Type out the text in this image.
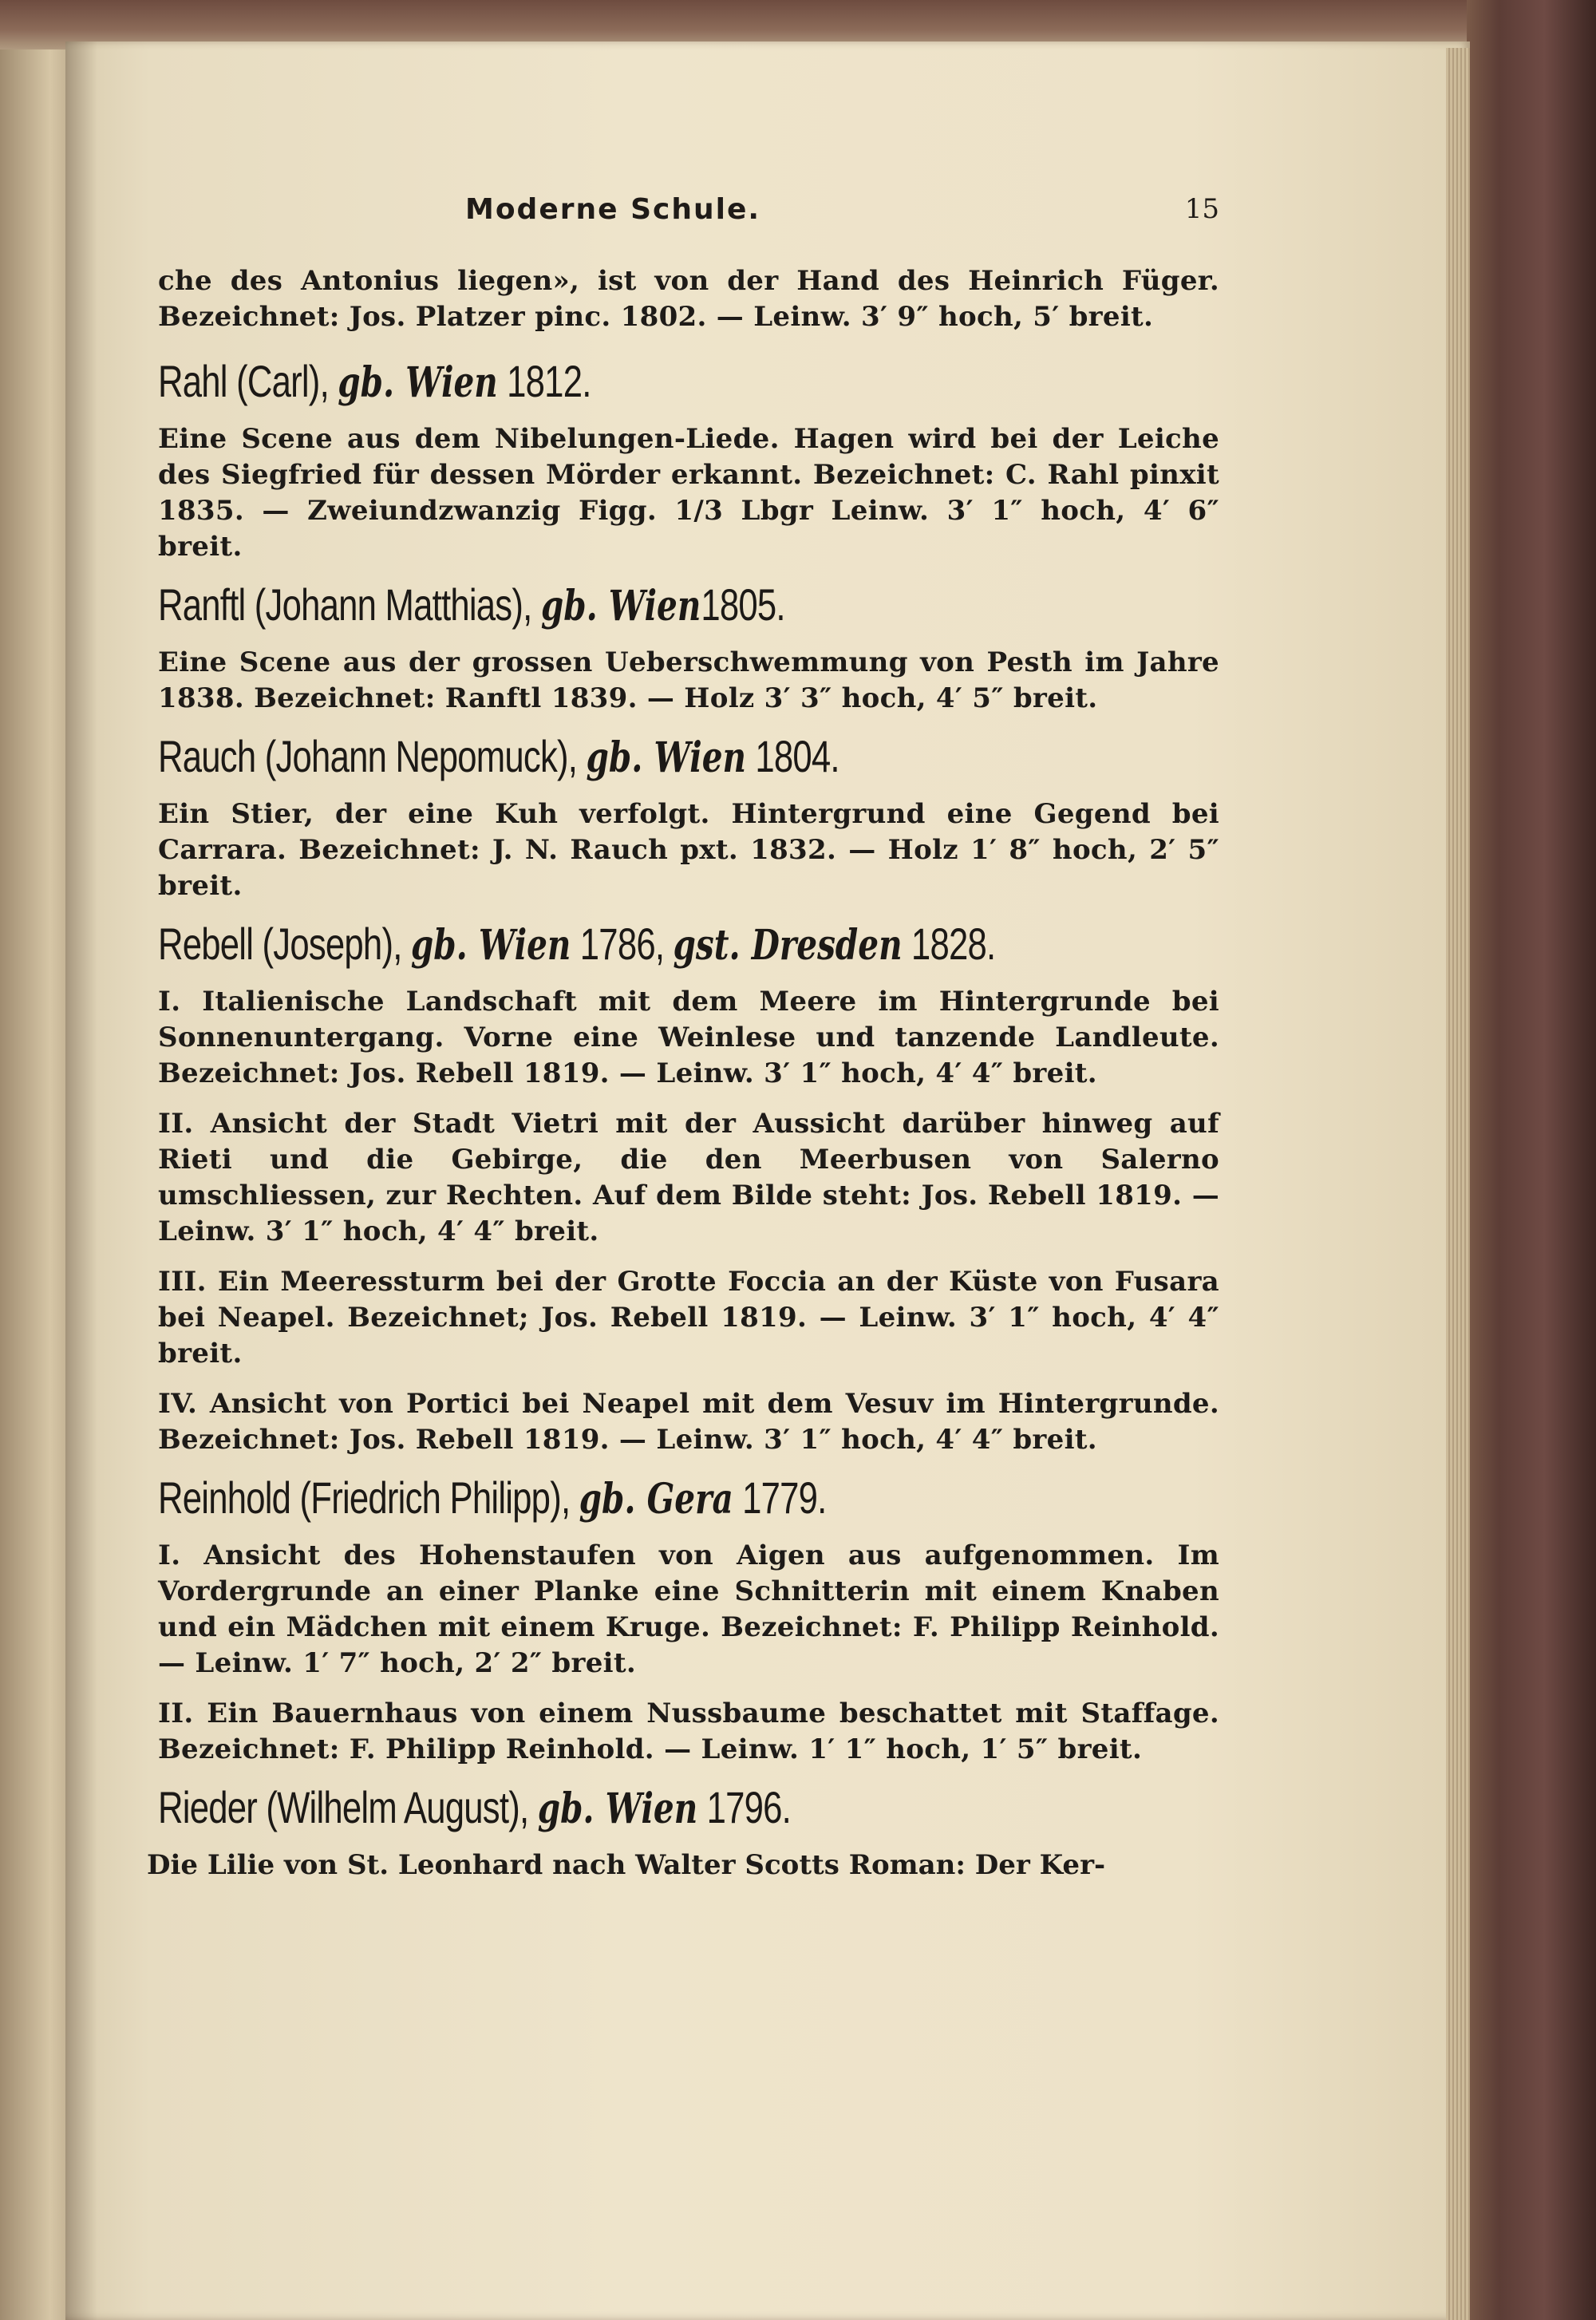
Moderne Schule.	15

che des Antonius liegen», ist von der Hand des Heinrich Füger. Bezeichnet: Jos. Platzer pinc. 1802. — Leinw. 3′ 9″ hoch, 5′ breit.

Rahl (Carl), gb. Wien 1812.

Eine Scene aus dem Nibelungen-Liede. Hagen wird bei der Leiche des Siegfried für dessen Mörder erkannt. Bezeichnet: C. Rahl pinxit 1835. — Zweiundzwanzig Figg. 1/3 Lbgr Leinw. 3′ 1″ hoch, 4′ 6″ breit.

Ranftl (Johann Matthias), gb. Wien1805.

Eine Scene aus der grossen Ueberschwemmung von Pesth im Jahre 1838. Bezeichnet: Ranftl 1839. — Holz 3′ 3″ hoch, 4′ 5″ breit.

Rauch (Johann Nepomuck), gb. Wien 1804.

Ein Stier, der eine Kuh verfolgt. Hintergrund eine Gegend bei Carrara. Bezeichnet: J. N. Rauch pxt. 1832. — Holz 1′ 8″ hoch, 2′ 5″ breit.

Rebell (Joseph), gb. Wien 1786, gst. Dresden 1828.

I. Italienische Landschaft mit dem Meere im Hintergrunde bei Sonnenuntergang. Vorne eine Weinlese und tanzende Landleute. Bezeichnet: Jos. Rebell 1819. — Leinw. 3′ 1″ hoch, 4′ 4″ breit.

II. Ansicht der Stadt Vietri mit der Aussicht darüber hinweg auf Rieti und die Gebirge, die den Meerbusen von Salerno umschliessen, zur Rechten. Auf dem Bilde steht: Jos. Rebell 1819. — Leinw. 3′ 1″ hoch, 4′ 4″ breit.

III. Ein Meeressturm bei der Grotte Foccia an der Küste von Fusara bei Neapel. Bezeichnet; Jos. Rebell 1819. — Leinw. 3′ 1″ hoch, 4′ 4″ breit.

IV. Ansicht von Portici bei Neapel mit dem Vesuv im Hintergrunde. Bezeichnet: Jos. Rebell 1819. — Leinw. 3′ 1″ hoch, 4′ 4″ breit.

Reinhold (Friedrich Philipp), gb. Gera 1779.

I. Ansicht des Hohenstaufen von Aigen aus aufgenommen. Im Vordergrunde an einer Planke eine Schnitterin mit einem Knaben und ein Mädchen mit einem Kruge. Bezeichnet: F. Philipp Reinhold. — Leinw. 1′ 7″ hoch, 2′ 2″ breit.

II. Ein Bauernhaus von einem Nussbaume beschattet mit Staffage. Bezeichnet: F. Philipp Reinhold. — Leinw. 1′ 1″ hoch, 1′ 5″ breit.

Rieder (Wilhelm August), gb. Wien 1796.

Die Lilie von St. Leonhard nach Walter Scotts Roman: Der Ker-
